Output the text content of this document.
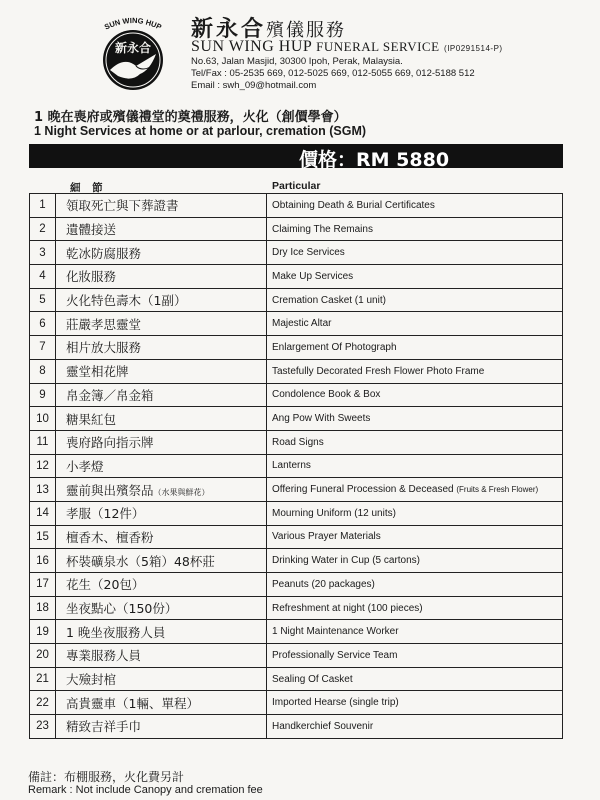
SUN WING HUP
新永合
新永合殯儀服務
SUN WING HUP FUNERAL SERVICE (IP0291514-P)
No.63, Jalan Masjid, 30300 Ipoh, Perak, Malaysia.
Tel/Fax : 05-2535 669, 012-5025 669, 012-5055 669, 012-5188 512
Email : swh_09@hotmail.com
1 晚在喪府或殯儀禮堂的奠禮服務，火化（創價學會）
1 Night Services at home or at parlour, cremation (SGM)
價格：RM 5880
細 節	Particular
1	領取死亡與下葬證書	Obtaining Death & Burial Certificates
2	遺體接送	Claiming The Remains
3	乾冰防腐服務	Dry Ice Services
4	化妝服務	Make Up Services
5	火化特色壽木（1副）	Cremation Casket (1 unit)
6	莊嚴孝思靈堂	Majestic Altar
7	相片放大服務	Enlargement Of Photograph
8	靈堂相花牌	Tastefully Decorated Fresh Flower Photo Frame
9	帛金簿／帛金箱	Condolence Book & Box
10	糖果紅包	Ang Pow With Sweets
11	喪府路向指示牌	Road Signs
12	小孝燈	Lanterns
13	靈前與出殯祭品（水果與鮮花）	Offering Funeral Procession & Deceased (Fruits & Fresh Flower)
14	孝服（12件）	Mourning Uniform (12 units)
15	檀香木、檀香粉	Various Prayer Materials
16	杯裝礦泉水（5箱）48杯莊	Drinking Water in Cup (5 cartons)
17	花生（20包）	Peanuts (20 packages)
18	坐夜點心（150份）	Refreshment at night (100 pieces)
19	1 晚坐夜服務人員	1 Night Maintenance Worker
20	專業服務人員	Professionally Service Team
21	大殮封棺	Sealing Of Casket
22	高貴靈車（1輛、單程）	Imported Hearse (single trip)
23	精致吉祥手巾	Handkerchief Souvenir
備註：布棚服務，火化費另計
Remark : Not include Canopy and cremation fee
